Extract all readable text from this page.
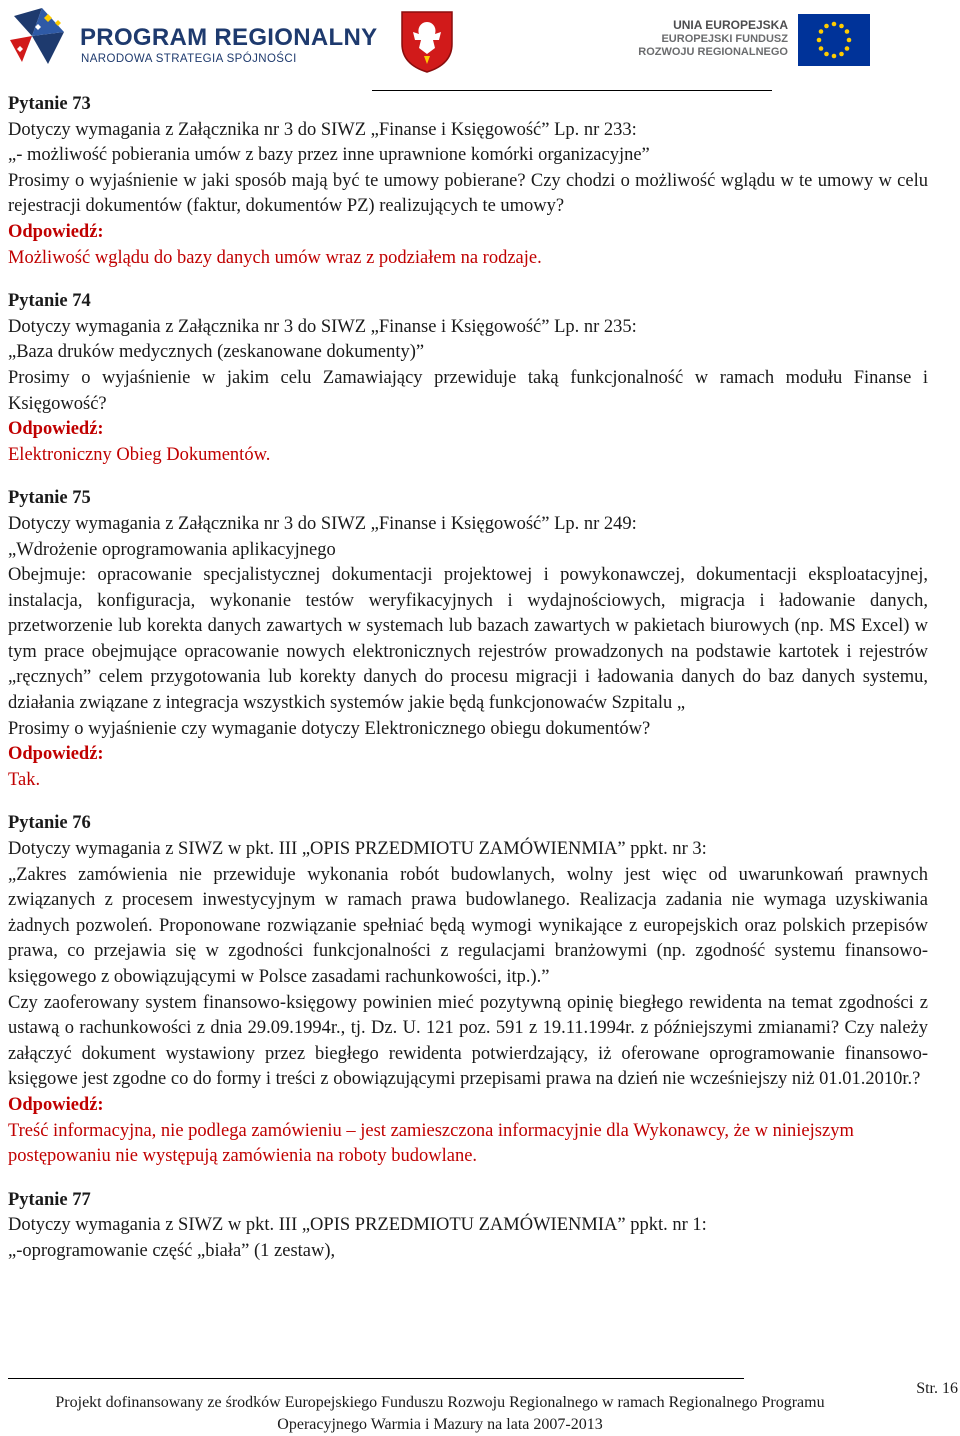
PROGRAM REGIONALNY
NARODOWA STRATEGIA SPÓJNOŚCI
UNIA EUROPEJSKA
EUROPEJSKI FUNDUSZ
ROZWOJU REGIONALNEGO
Pytanie 73
Dotyczy wymagania z Załącznika nr 3 do SIWZ „Finanse i Księgowość” Lp. nr 233:
„- możliwość pobierania umów z bazy przez inne uprawnione komórki organizacyjne”
Prosimy o wyjaśnienie w jaki sposób mają być te umowy pobierane? Czy chodzi o możliwość wglądu w te umowy w celu rejestracji dokumentów (faktur, dokumentów PZ) realizujących te umowy?
Odpowiedź:
Możliwość wglądu do bazy danych umów wraz z podziałem na rodzaje.
Pytanie 74
Dotyczy wymagania z Załącznika nr 3 do SIWZ „Finanse i Księgowość” Lp. nr 235:
„Baza druków medycznych (zeskanowane dokumenty)”
Prosimy o wyjaśnienie w jakim celu Zamawiający przewiduje taką funkcjonalność w ramach modułu Finanse i Księgowość?
Odpowiedź:
Elektroniczny Obieg Dokumentów.
Pytanie 75
Dotyczy wymagania z Załącznika nr 3 do SIWZ „Finanse i Księgowość” Lp. nr 249:
„Wdrożenie oprogramowania aplikacyjnego
Obejmuje: opracowanie specjalistycznej dokumentacji projektowej i powykonawczej, dokumentacji eksploatacyjnej, instalacja, konfiguracja, wykonanie testów weryfikacyjnych i wydajnościowych, migracja i ładowanie danych, przetworzenie lub korekta danych zawartych w systemach lub bazach zawartych w pakietach biurowych (np. MS Excel) w tym prace obejmujące opracowanie nowych elektronicznych rejestrów prowadzonych na podstawie kartotek i rejestrów „ręcznych” celem przygotowania lub korekty danych do procesu migracji i ładowania danych do baz danych systemu, działania związane z integracja wszystkich systemów jakie będą funkcjonowaćw Szpitalu „
Prosimy o wyjaśnienie czy wymaganie dotyczy Elektronicznego obiegu dokumentów?
Odpowiedź:
Tak.
Pytanie 76
Dotyczy wymagania z SIWZ w pkt. III „OPIS PRZEDMIOTU ZAMÓWIENMIA” ppkt. nr 3:
„Zakres zamówienia nie przewiduje wykonania robót budowlanych, wolny jest więc od uwarunkowań prawnych związanych z procesem inwestycyjnym w ramach prawa budowlanego. Realizacja zadania nie wymaga uzyskiwania żadnych pozwoleń. Proponowane rozwiązanie spełniać będą wymogi wynikające z europejskich oraz polskich przepisów prawa, co przejawia się w zgodności funkcjonalności z regulacjami branżowymi (np. zgodność systemu finansowo-księgowego z obowiązującymi w Polsce zasadami rachunkowości, itp.).”
Czy zaoferowany system finansowo-księgowy powinien mieć pozytywną opinię biegłego rewidenta na temat zgodności z ustawą o rachunkowości z dnia 29.09.1994r., tj. Dz. U. 121 poz. 591 z 19.11.1994r. z późniejszymi zmianami? Czy należy załączyć dokument wystawiony przez biegłego rewidenta potwierdzający, iż oferowane oprogramowanie finansowo-księgowe jest zgodne co do formy i treści z obowiązującymi przepisami prawa na dzień nie wcześniejszy niż 01.01.2010r.?
Odpowiedź:
Treść informacyjna, nie podlega zamówieniu – jest zamieszczona informacyjnie dla Wykonawcy, że w niniejszym postępowaniu nie występują zamówienia na roboty budowlane.
Pytanie 77
Dotyczy wymagania z SIWZ w pkt. III „OPIS PRZEDMIOTU ZAMÓWIENMIA” ppkt. nr 1:
„-oprogramowanie część „biała” (1 zestaw),
Projekt dofinansowany ze środków Europejskiego Funduszu Rozwoju Regionalnego w ramach Regionalnego Programu
Operacyjnego Warmia i Mazury na lata 2007-2013
Str. 16
